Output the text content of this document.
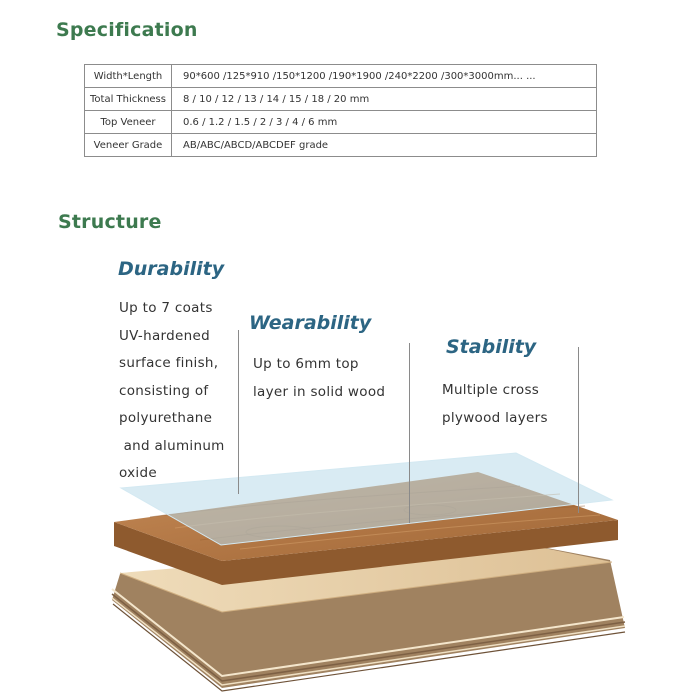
Specification
Width*Length	90*600 /125*910 /150*1200 /190*1900 /240*2200 /300*3000mm... ...
Total Thickness	8 / 10 / 12 / 13 / 14 / 15 / 18 / 20 mm
Top Veneer	0.6 / 1.2 / 1.5 / 2 / 3 / 4 / 6 mm
Veneer Grade	AB/ABC/ABCD/ABCDEF grade
Structure
Durability

Up to 7 coats
UV-hardened
surface finish,
consisting of
polyurethane
and aluminum
oxide

Wearability

Up to 6mm top
layer in solid wood

Stability

Multiple cross
plywood layers
